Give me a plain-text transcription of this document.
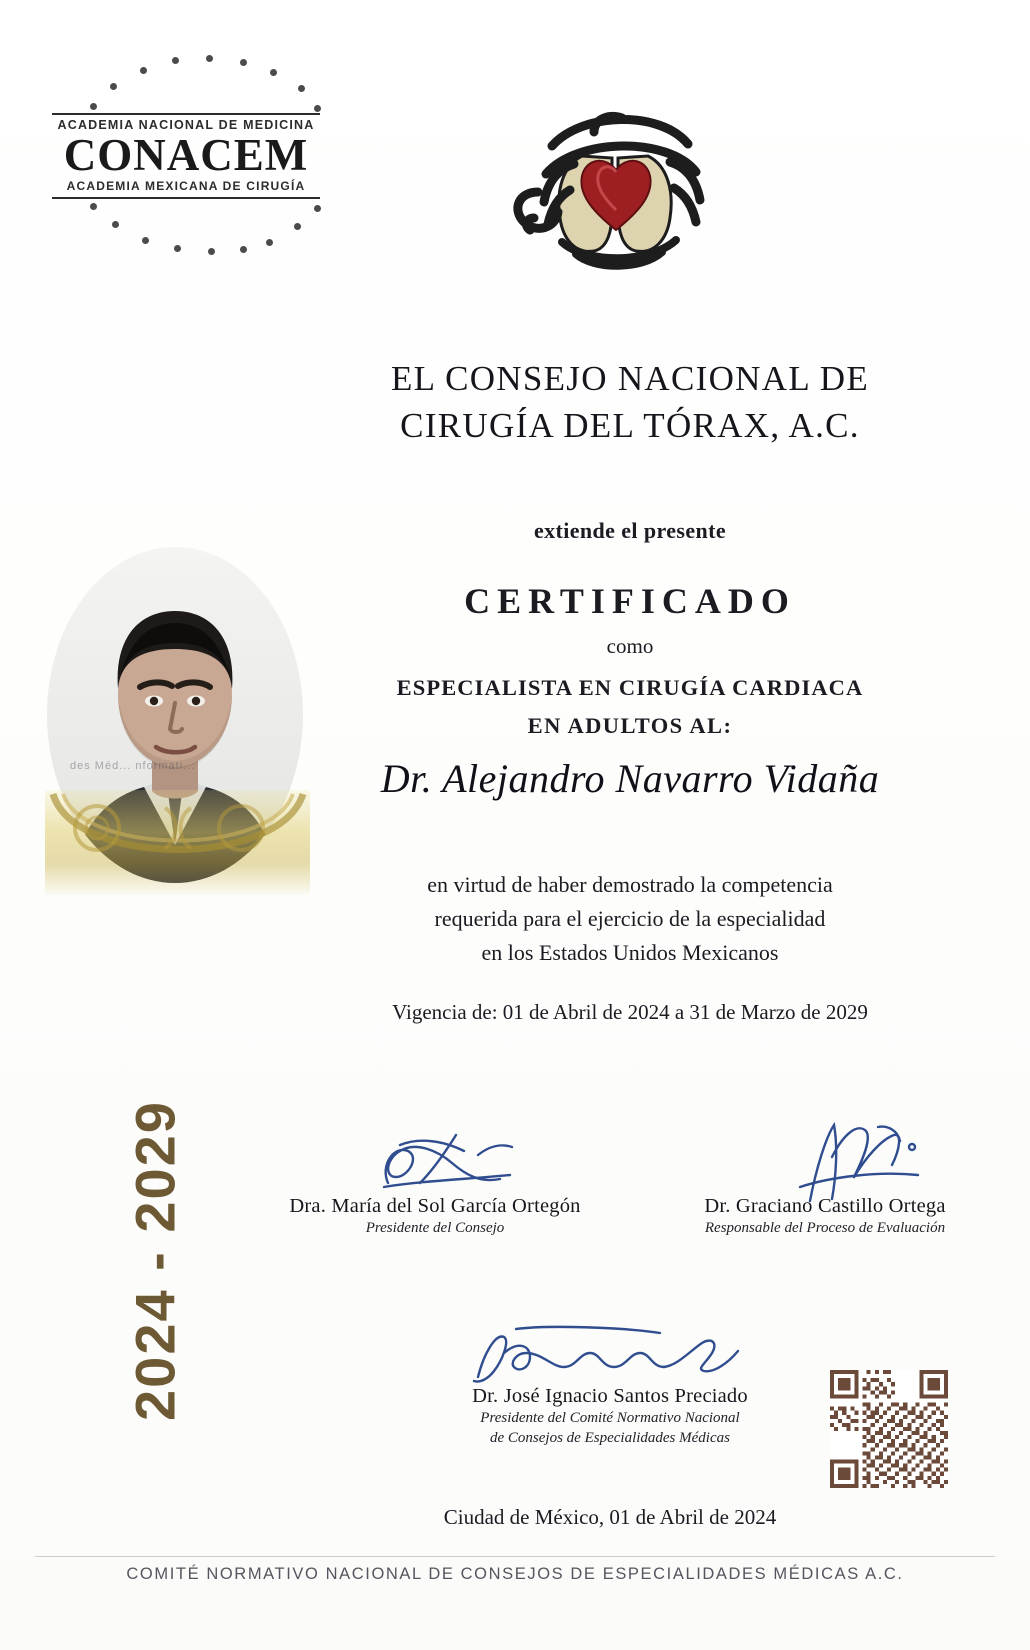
ACADEMIA NACIONAL DE MEDICINA
CONACEM
ACADEMIA MEXICANA DE CIRUGÍA
EL CONSEJO NACIONAL DE
CIRUGÍA DEL TÓRAX, A.C.
extiende el presente
CERTIFICADO
como
ESPECIALISTA EN CIRUGÍA CARDIACA
EN ADULTOS AL:
Dr. Alejandro Navarro Vidaña
en virtud de haber demostrado la competencia
requerida para el ejercicio de la especialidad
en los Estados Unidos Mexicanos
Vigencia de: 01 de Abril de 2024 a 31 de Marzo de 2029
des Méd... nformati...
2024 - 2029	Dra. María del Sol García Ortegón
Presidente del Consejo
Dr. Graciano Castillo Ortega
Responsable del Proceso de Evaluación
Dr. José Ignacio Santos Preciado
Presidente del Comité Normativo Nacional
de Consejos de Especialidades Médicas
Ciudad de México, 01 de Abril de 2024
COMITÉ NORMATIVO NACIONAL DE CONSEJOS DE ESPECIALIDADES MÉDICAS A.C.
